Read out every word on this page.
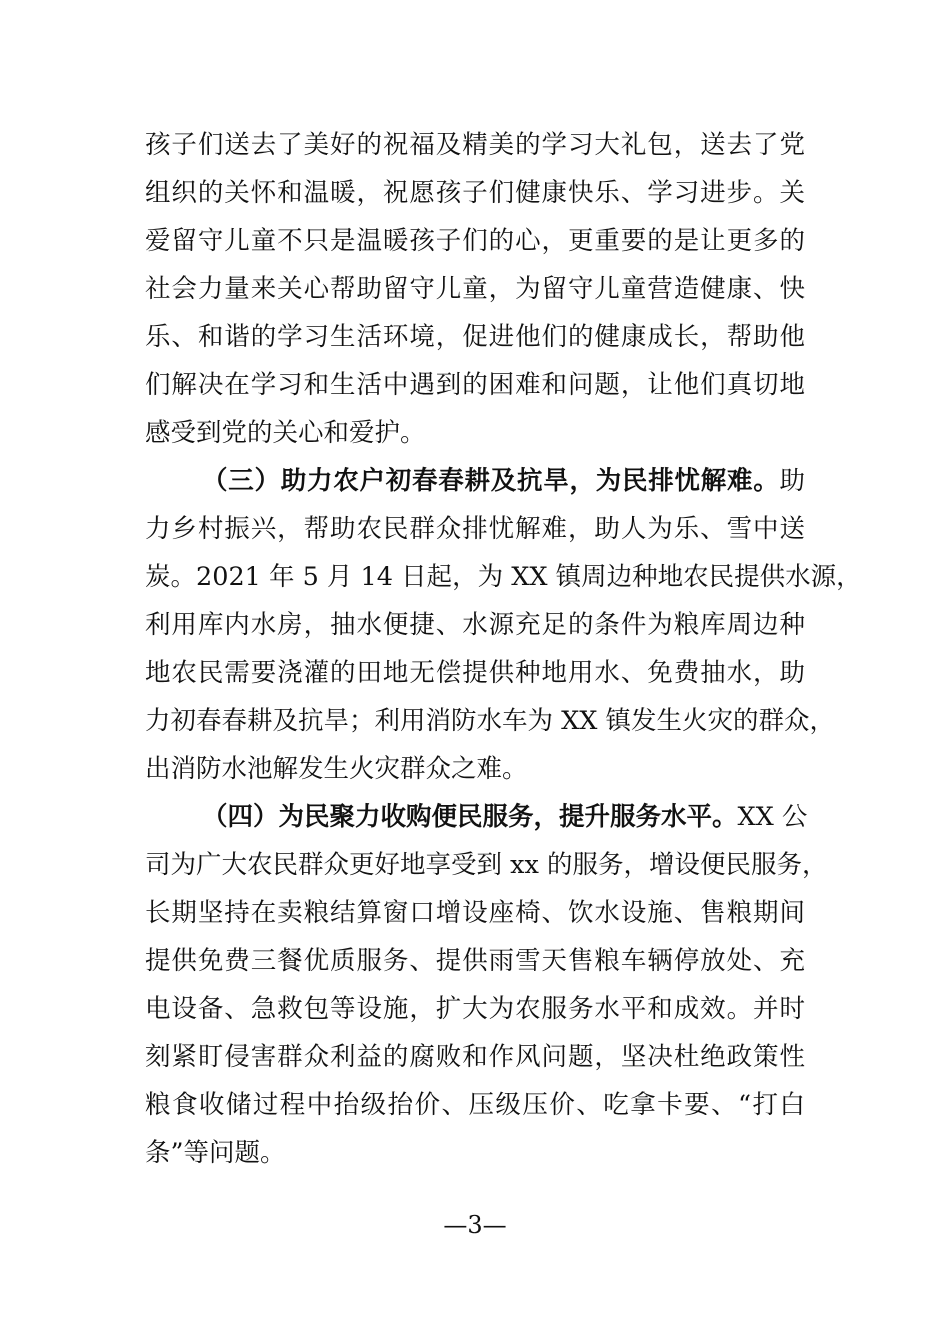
孩子们送去了美好的祝福及精美的学习大礼包，送去了党
组织的关怀和温暖，祝愿孩子们健康快乐、学习进步。关
爱留守儿童不只是温暖孩子们的心，更重要的是让更多的
社会力量来关心帮助留守儿童，为留守儿童营造健康、快
乐、和谐的学习生活环境，促进他们的健康成长，帮助他
们解决在学习和生活中遇到的困难和问题，让他们真切地
感受到党的关心和爱护。
（三）助力农户初春春耕及抗旱，为民排忧解难。助
力乡村振兴，帮助农民群众排忧解难，助人为乐、雪中送
炭。2021 年 5 月 14 日起，为 XX 镇周边种地农民提供水源，
利用库内水房，抽水便捷、水源充足的条件为粮库周边种
地农民需要浇灌的田地无偿提供种地用水、免费抽水，助
力初春春耕及抗旱；利用消防水车为 XX 镇发生火灾的群众，
出消防水池解发生火灾群众之难。
（四）为民聚力收购便民服务，提升服务水平。XX 公
司为广大农民群众更好地享受到 xx 的服务，增设便民服务，
长期坚持在卖粮结算窗口增设座椅、饮水设施、售粮期间
提供免费三餐优质服务、提供雨雪天售粮车辆停放处、充
电设备、急救包等设施，扩大为农服务水平和成效。并时
刻紧盯侵害群众利益的腐败和作风问题，坚决杜绝政策性
粮食收储过程中抬级抬价、压级压价、吃拿卡要、“打白
条”等问题。
—3—
